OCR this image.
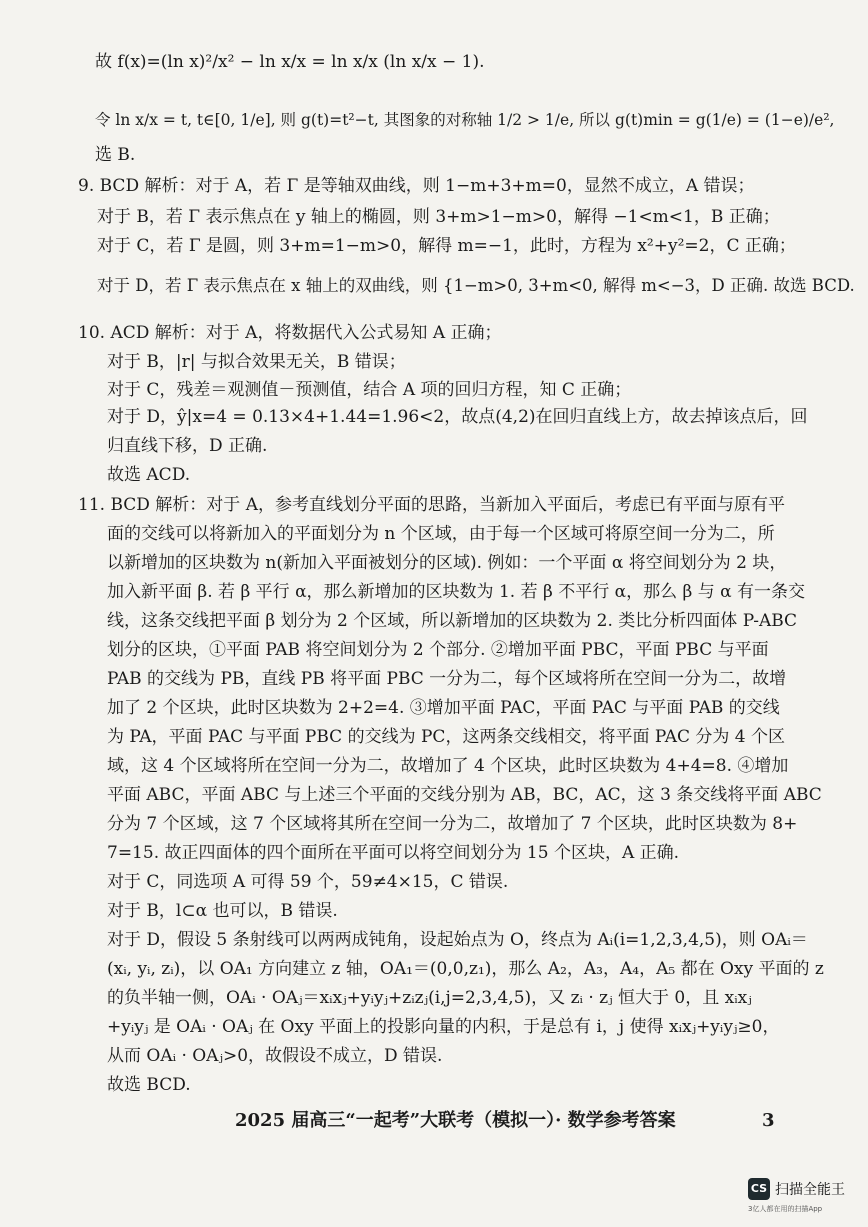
故 f(x)=(ln x)²/x² − ln x/x = ln x/x (ln x/x − 1).
令 ln x/x = t, t∈[0, 1/e], 则 g(t)=t²−t, 其图象的对称轴 1/2 > 1/e, 所以 g(t)min = g(1/e) = (1−e)/e²,
选 B.
9. BCD 解析：对于 A，若 Γ 是等轴双曲线，则 1−m+3+m=0，显然不成立，A 错误；
对于 B，若 Γ 表示焦点在 y 轴上的椭圆，则 3+m>1−m>0，解得 −1<m<1，B 正确；
对于 C，若 Γ 是圆，则 3+m=1−m>0，解得 m=−1，此时，方程为 x²+y²=2，C 正确；
对于 D，若 Γ 表示焦点在 x 轴上的双曲线，则 {1−m>0, 3+m<0, 解得 m<−3，D 正确. 故选 BCD.
10. ACD 解析：对于 A，将数据代入公式易知 A 正确；
对于 B，|r| 与拟合效果无关，B 错误；
对于 C，残差＝观测值－预测值，结合 A 项的回归方程，知 C 正确；
对于 D，ŷ|x=4 = 0.13×4+1.44=1.96<2，故点(4,2)在回归直线上方，故去掉该点后，回
归直线下移，D 正确.
故选 ACD.
11. BCD 解析：对于 A，参考直线划分平面的思路，当新加入平面后，考虑已有平面与原有平
面的交线可以将新加入的平面划分为 n 个区域，由于每一个区域可将原空间一分为二，所
以新增加的区块数为 n(新加入平面被划分的区域). 例如：一个平面 α 将空间划分为 2 块，
加入新平面 β. 若 β 平行 α，那么新增加的区块数为 1. 若 β 不平行 α，那么 β 与 α 有一条交
线，这条交线把平面 β 划分为 2 个区域，所以新增加的区块数为 2. 类比分析四面体 P-ABC
划分的区块，①平面 PAB 将空间划分为 2 个部分. ②增加平面 PBC，平面 PBC 与平面
PAB 的交线为 PB，直线 PB 将平面 PBC 一分为二，每个区域将所在空间一分为二，故增
加了 2 个区块，此时区块数为 2+2=4. ③增加平面 PAC，平面 PAC 与平面 PAB 的交线
为 PA，平面 PAC 与平面 PBC 的交线为 PC，这两条交线相交，将平面 PAC 分为 4 个区
域，这 4 个区域将所在空间一分为二，故增加了 4 个区块，此时区块数为 4+4=8. ④增加
平面 ABC，平面 ABC 与上述三个平面的交线分别为 AB，BC，AC，这 3 条交线将平面 ABC
分为 7 个区域，这 7 个区域将其所在空间一分为二，故增加了 7 个区块，此时区块数为 8+
7=15. 故正四面体的四个面所在平面可以将空间划分为 15 个区块，A 正确.
对于 C，同选项 A 可得 59 个，59≠4×15，C 错误.
对于 B，l⊂α 也可以，B 错误.
对于 D，假设 5 条射线可以两两成钝角，设起始点为 O，终点为 Aᵢ(i=1,2,3,4,5)，则 OAᵢ＝
(xᵢ, yᵢ, zᵢ)，以 OA₁ 方向建立 z 轴，OA₁＝(0,0,z₁)，那么 A₂，A₃，A₄，A₅ 都在 Oxy 平面的 z
的负半轴一侧，OAᵢ · OAⱼ＝xᵢxⱼ+yᵢyⱼ+zᵢzⱼ(i,j=2,3,4,5)，又 zᵢ · zⱼ 恒大于 0，且 xᵢxⱼ
+yᵢyⱼ 是 OAᵢ · OAⱼ 在 Oxy 平面上的投影向量的内积，于是总有 i，j 使得 xᵢxⱼ+yᵢyⱼ≥0，
从而 OAᵢ · OAⱼ>0，故假设不成立，D 错误.
故选 BCD.
2025 届高三“一起考”大联考（模拟一）· 数学参考答案	3
CS 扫描全能王
3亿人都在用的扫描App
